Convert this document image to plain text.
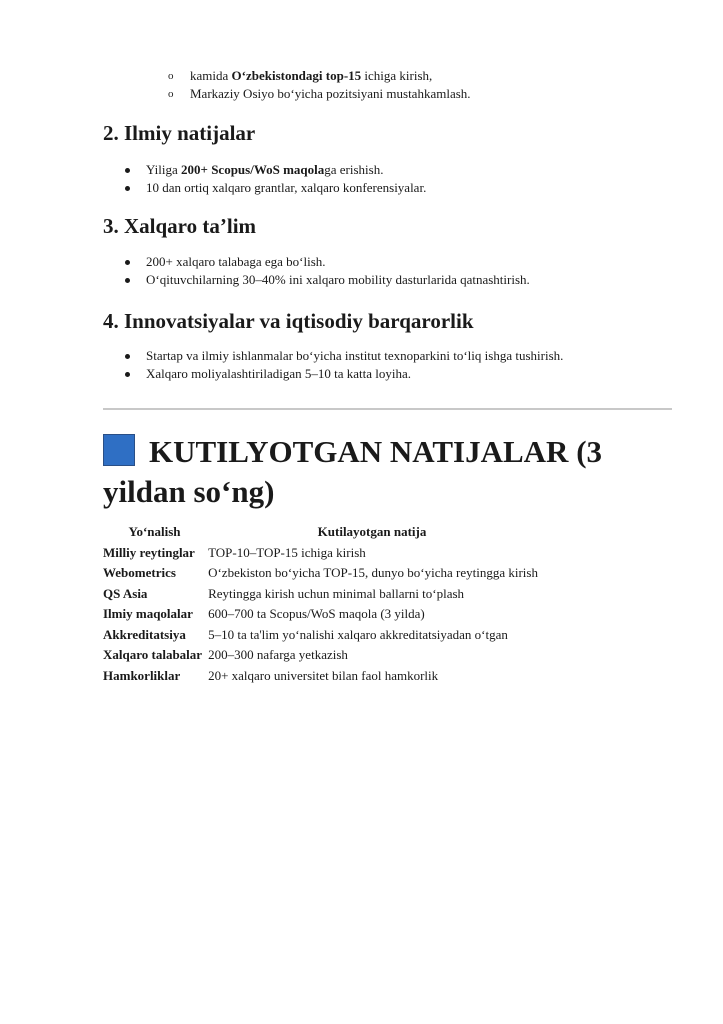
o kamida O‘zbekistondagi top-15 ichiga kirish,
o Markaziy Osiyo bo‘yicha pozitsiyani mustahkamlash.
2. Ilmiy natijalar
Yiliga 200+ Scopus/WoS maqolaga erishish.
10 dan ortiq xalqaro grantlar, xalqaro konferensiyalar.
3. Xalqaro ta’lim
200+ xalqaro talabaga ega bo‘lish.
O‘qituvchilarning 30–40% ini xalqaro mobility dasturlarida qatnashtirish.
4. Innovatsiyalar va iqtisodiy barqarorlik
Startap va ilmiy ishlanmalar bo‘yicha institut texnoparkini to‘liq ishga tushirish.
Xalqaro moliyalashtiriladigan 5–10 ta katta loyiha.
KUTILYOTGAN NATIJALAR (3 yildan so‘ng)
Yo‘nalish	Kutilayotgan natija
Milliy reytinglar	TOP-10–TOP-15 ichiga kirish
Webometrics	O‘zbekiston bo‘yicha TOP-15, dunyo bo‘yicha reytingga kirish
QS Asia	Reytingga kirish uchun minimal ballarni to‘plash
Ilmiy maqolalar	600–700 ta Scopus/WoS maqola (3 yilda)
Akkreditatsiya	5–10 ta ta'lim yo‘nalishi xalqaro akkreditatsiyadan o‘tgan
Xalqaro talabalar	200–300 nafarga yetkazish
Hamkorliklar	20+ xalqaro universitet bilan faol hamkorlik
